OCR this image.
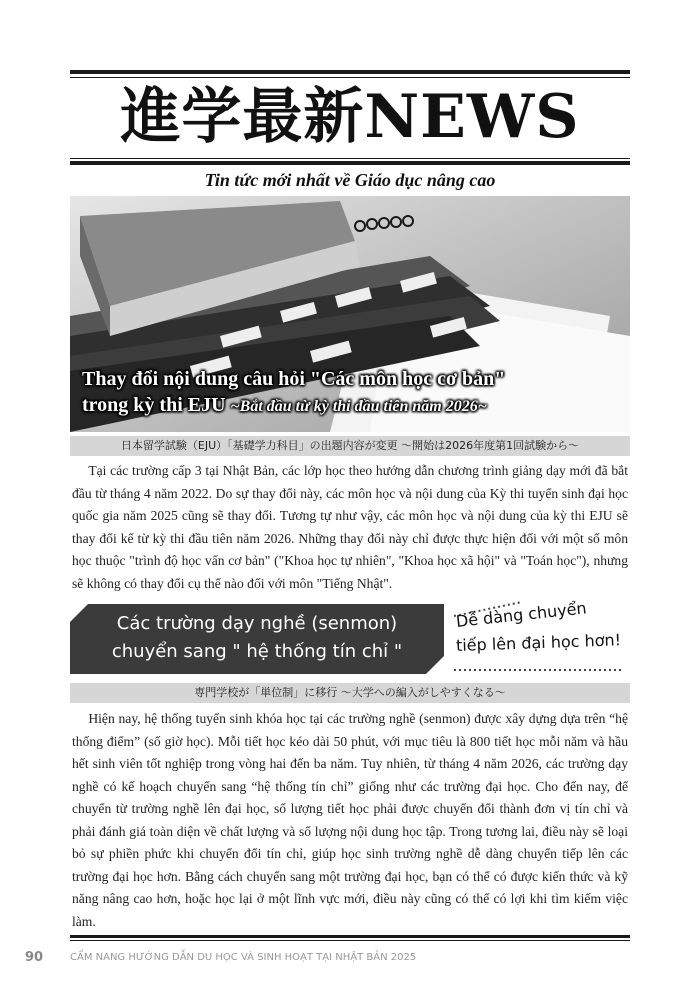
進学最新NEWS
Tin tức mới nhất về Giáo dục nâng cao
Thay đổi nội dung câu hỏi "Các môn học cơ bản"
trong kỳ thi EJU ~Bắt đầu từ kỳ thi đầu tiên năm 2026~
日本留学試験（EJU）「基礎学力科目」の出題内容が変更 ～開始は2026年度第1回試験から～
Tại các trường cấp 3 tại Nhật Bản, các lớp học theo hướng dẫn chương trình giảng dạy mới đã bắt đầu từ tháng 4 năm 2022. Do sự thay đổi này, các môn học và nội dung của Kỳ thi tuyển sinh đại học quốc gia năm 2025 cũng sẽ thay đổi. Tương tự như vậy, các môn học và nội dung của kỳ thi EJU sẽ thay đổi kể từ kỳ thi đầu tiên năm 2026. Những thay đổi này chỉ được thực hiện đối với một số môn học thuộc "trình độ học vấn cơ bản" ("Khoa học tự nhiên", "Khoa học xã hội" và "Toán học"), nhưng sẽ không có thay đổi cụ thể nào đối với môn "Tiếng Nhật".
Các trường dạy nghề (senmon)
chuyển sang " hệ thống tín chỉ "
Dễ dàng chuyển
tiếp lên đại học hơn!
専門学校が「単位制」に移行 ～大学への編入がしやすくなる～
Hiện nay, hệ thống tuyển sinh khóa học tại các trường nghề (senmon) được xây dựng dựa trên “hệ thống điểm” (số giờ học). Mỗi tiết học kéo dài 50 phút, với mục tiêu là 800 tiết học mỗi năm và hầu hết sinh viên tốt nghiệp trong vòng hai đến ba năm. Tuy nhiên, từ tháng 4 năm 2026, các trường dạy nghề có kế hoạch chuyển sang “hệ thống tín chỉ” giống như các trường đại học. Cho đến nay, để chuyển từ trường nghề lên đại học, số lượng tiết học phải được chuyển đổi thành đơn vị tín chỉ và phải đánh giá toàn diện về chất lượng và số lượng nội dung học tập. Trong tương lai, điều này sẽ loại bỏ sự phiền phức khi chuyển đổi tín chỉ, giúp học sinh trường nghề dễ dàng chuyển tiếp lên các trường đại học hơn. Bằng cách chuyển sang một trường đại học, bạn có thể có được kiến thức và kỹ năng nâng cao hơn, hoặc học lại ở một lĩnh vực mới, điều này cũng có thể có lợi khi tìm kiếm việc làm.
90	CẨM NANG HƯỚNG DẪN DU HỌC VÀ SINH HOẠT TẠI NHẬT BẢN 2025
